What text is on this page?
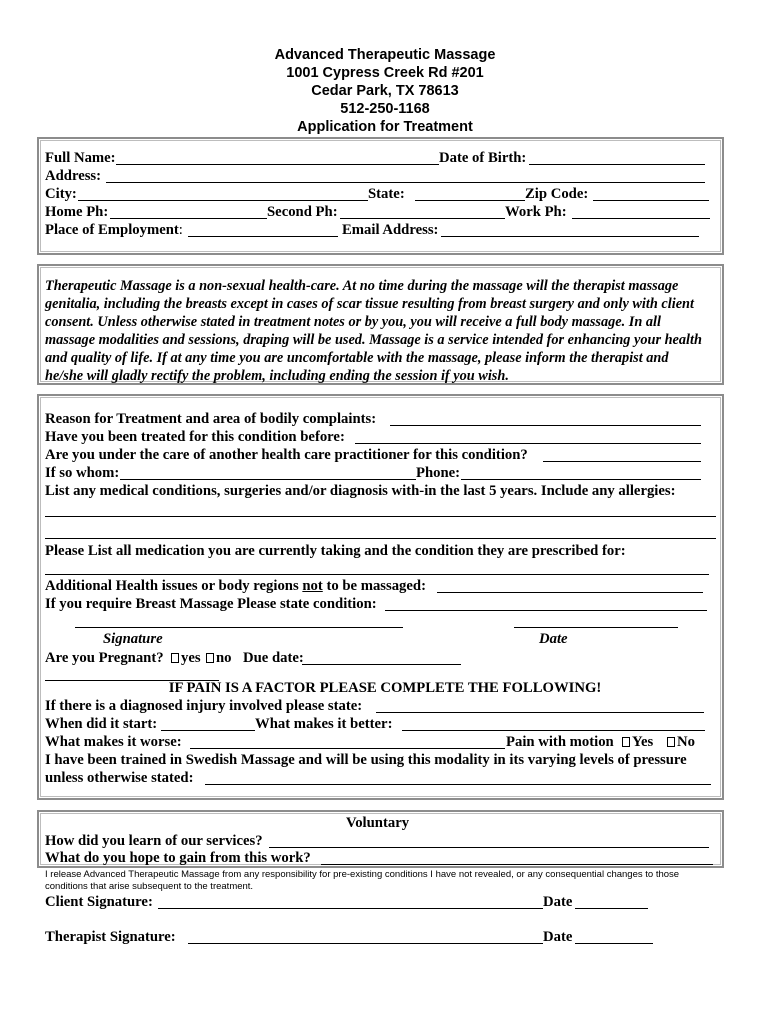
Advanced Therapeutic Massage
1001 Cypress Creek Rd #201
Cedar Park, TX 78613
512-250-1168
Application for Treatment
Full Name:	Date of Birth:
Address:
City:	State:	Zip Code:
Home Ph:	Second Ph:	Work Ph:
Place of Employment:	Email Address:
Therapeutic Massage is a non-sexual health-care. At no time during the massage will the therapist massage genitalia, including the breasts except in cases of scar tissue resulting from breast surgery and only with client consent. Unless otherwise stated in treatment notes or by you, you will receive a full body massage. In all massage modalities and sessions, draping will be used. Massage is a service intended for enhancing your health and quality of life. If at any time you are uncomfortable with the massage, please inform the therapist and he/she will gladly rectify the problem, including ending the session if you wish.
Reason for Treatment and area of bodily complaints:
Have you been treated for this condition before:
Are you under the care of another health care practitioner for this condition?
If so whom:	Phone:
List any medical conditions, surgeries and/or diagnosis with-in the last 5 years. Include any allergies:
Please List all medication you are currently taking and the condition they are prescribed for:
Additional Health issues or body regions not to be massaged:
If you require Breast Massage Please state condition:
Signature	Date
Are you Pregnant?	yes	no Due date:
IF PAIN IS A FACTOR PLEASE COMPLETE THE FOLLOWING!
If there is a diagnosed injury involved please state:
When did it start:	What makes it better:
What makes it worse:	Pain with motion	Yes	No
I have been trained in Swedish Massage and will be using this modality in its varying levels of pressure
unless otherwise stated:
Voluntary
How did you learn of our services?
What do you hope to gain from this work?
I release Advanced Therapeutic Massage from any responsibility for pre-existing conditions I have not revealed, or any consequential changes to those conditions that arise subsequent to the treatment.
Client Signature:	Date
Therapist Signature:	Date
